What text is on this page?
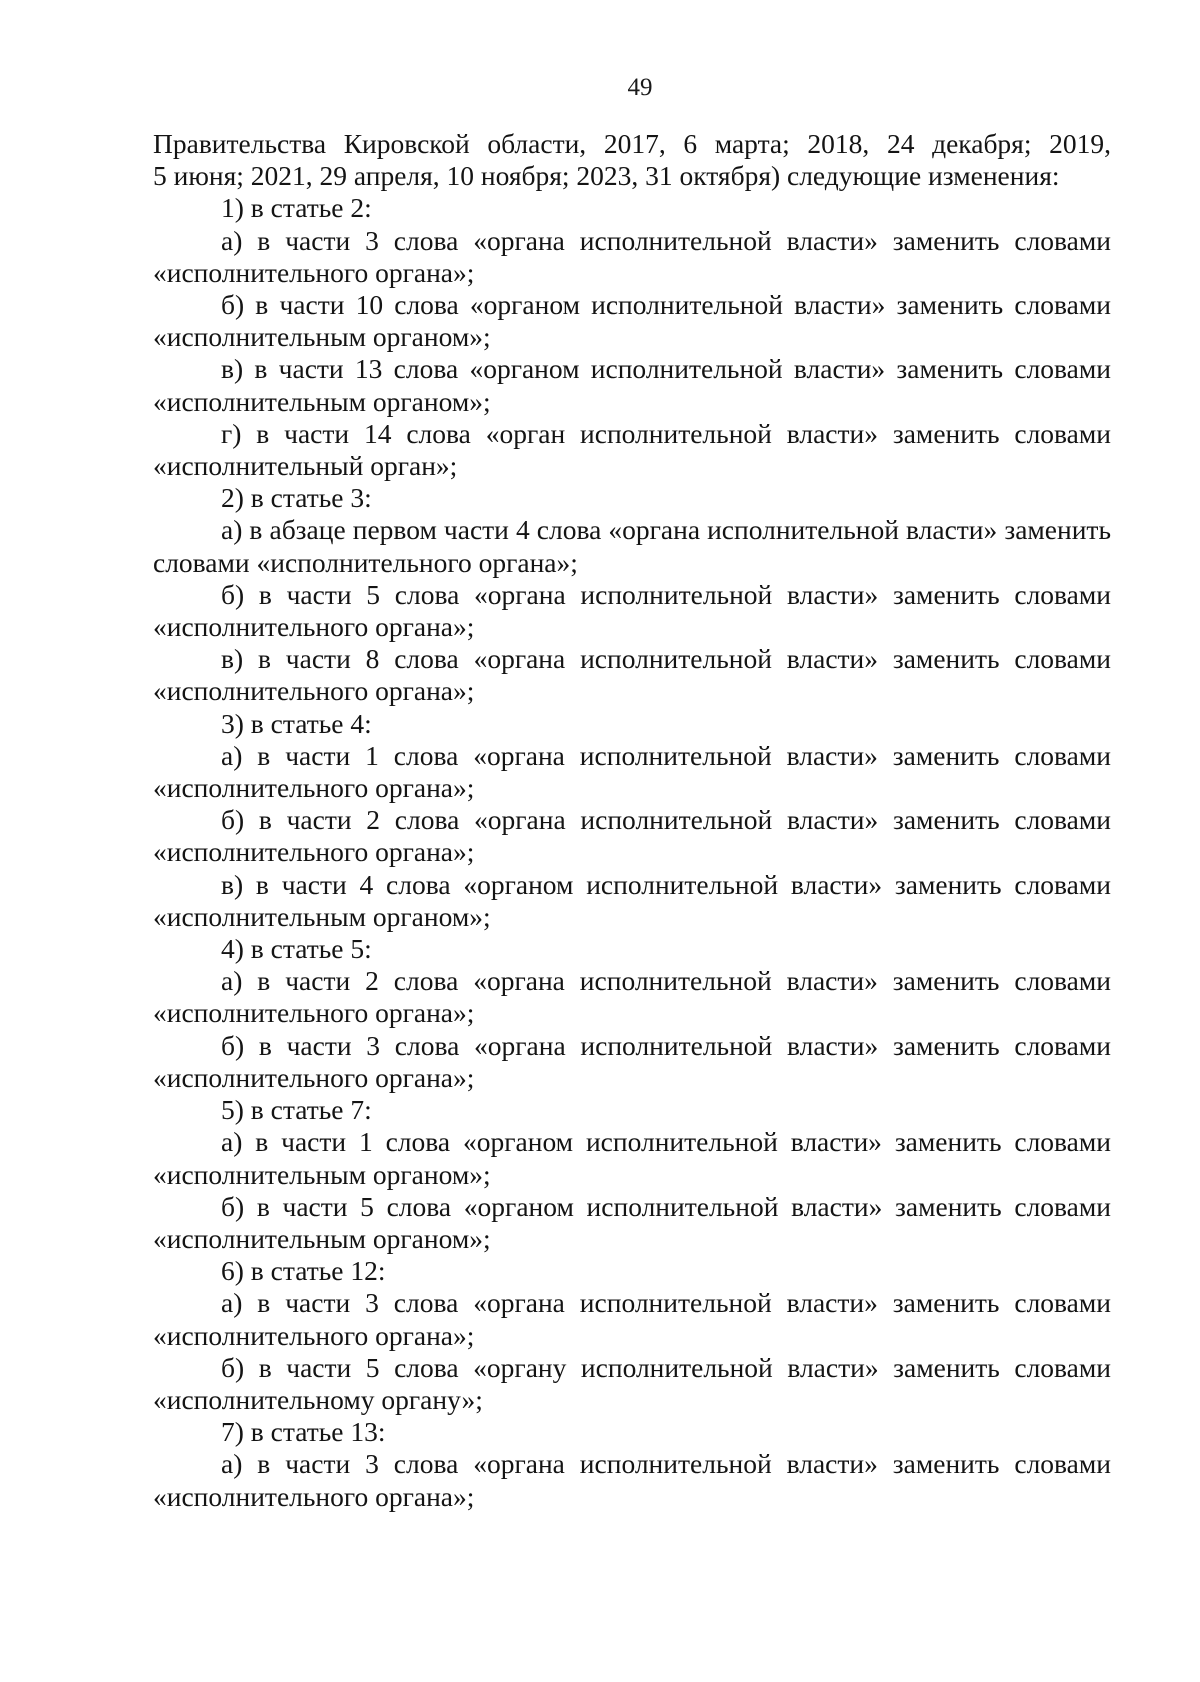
49

Правительства Кировской области, 2017, 6 марта; 2018, 24 декабря; 2019,

5 июня; 2021, 29 апреля, 10 ноября; 2023, 31 октября) следующие изменения:

1) в статье 2:

а) в части 3 слова «органа исполнительной власти» заменить словами «исполнительного органа»;

б) в части 10 слова «органом исполнительной власти» заменить словами «исполнительным органом»;

в) в части 13 слова «органом исполнительной власти» заменить словами «исполнительным органом»;

г) в части 14 слова «орган исполнительной власти» заменить словами «исполнительный орган»;

2) в статье 3:

а) в абзаце первом части 4 слова «органа исполнительной власти» заменить словами «исполнительного органа»;

б) в части 5 слова «органа исполнительной власти» заменить словами «исполнительного органа»;

в) в части 8 слова «органа исполнительной власти» заменить словами «исполнительного органа»;

3) в статье 4:

а) в части 1 слова «органа исполнительной власти» заменить словами «исполнительного органа»;

б) в части 2 слова «органа исполнительной власти» заменить словами «исполнительного органа»;

в) в части 4 слова «органом исполнительной власти» заменить словами «исполнительным органом»;

4) в статье 5:

а) в части 2 слова «органа исполнительной власти» заменить словами «исполнительного органа»;

б) в части 3 слова «органа исполнительной власти» заменить словами «исполнительного органа»;

5) в статье 7:

а) в части 1 слова «органом исполнительной власти» заменить словами «исполнительным органом»;

б) в части 5 слова «органом исполнительной власти» заменить словами «исполнительным органом»;

6) в статье 12:

а) в части 3 слова «органа исполнительной власти» заменить словами «исполнительного органа»;

б) в части 5 слова «органу исполнительной власти» заменить словами «исполнительному органу»;

7) в статье 13:

а) в части 3 слова «органа исполнительной власти» заменить словами «исполнительного органа»;
